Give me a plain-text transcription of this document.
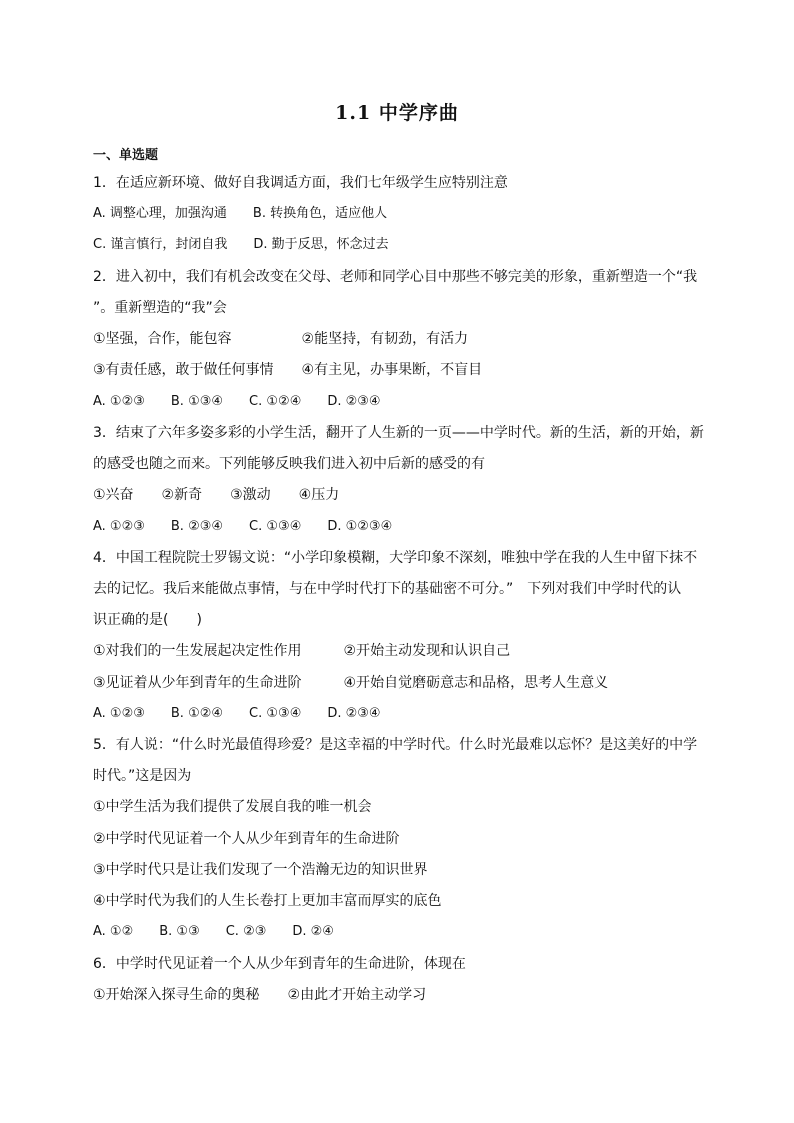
1.1 中学序曲
一、单选题
1．在适应新环境、做好自我调适方面，我们七年级学生应特别注意
A. 调整心理，加强沟通　　B. 转换角色，适应他人
C. 谨言慎行，封闭自我　　D. 勤于反思，怀念过去
2．进入初中，我们有机会改变在父母、老师和同学心目中那些不够完美的形象，重新塑造一个“我
”。重新塑造的“我”会
①坚强，合作，能包容　　　　　②能坚持，有韧劲，有活力
③有责任感，敢于做任何事情　　④有主见，办事果断，不盲目
A. ①②③　　B. ①③④　　C. ①②④　　D. ②③④
3．结束了六年多姿多彩的小学生活，翻开了人生新的一页——中学时代。新的生活，新的开始，新
的感受也随之而来。下列能够反映我们进入初中后新的感受的有
①兴奋　　②新奇　　③激动　　④压力
A. ①②③　　B. ②③④　　C. ①③④　　D. ①②③④
4．中国工程院院士罗锡文说：“小学印象模糊，大学印象不深刻，唯独中学在我的人生中留下抹不
去的记忆。我后来能做点事情，与在中学时代打下的基础密不可分。”　下列对我们中学时代的认
识正确的是(　　)
①对我们的一生发展起决定性作用　　　②开始主动发现和认识自己
③见证着从少年到青年的生命进阶　　　④开始自觉磨砺意志和品格，思考人生意义
A. ①②③　　B. ①②④　　C. ①③④　　D. ②③④
5．有人说：“什么时光最值得珍爱？是这幸福的中学时代。什么时光最难以忘怀？是这美好的中学
时代。”这是因为
①中学生活为我们提供了发展自我的唯一机会
②中学时代见证着一个人从少年到青年的生命进阶
③中学时代只是让我们发现了一个浩瀚无边的知识世界
④中学时代为我们的人生长卷打上更加丰富而厚实的底色
A. ①②　　B. ①③　　C. ②③　　D. ②④
6．中学时代见证着一个人从少年到青年的生命进阶，体现在
①开始深入探寻生命的奥秘　　②由此才开始主动学习
